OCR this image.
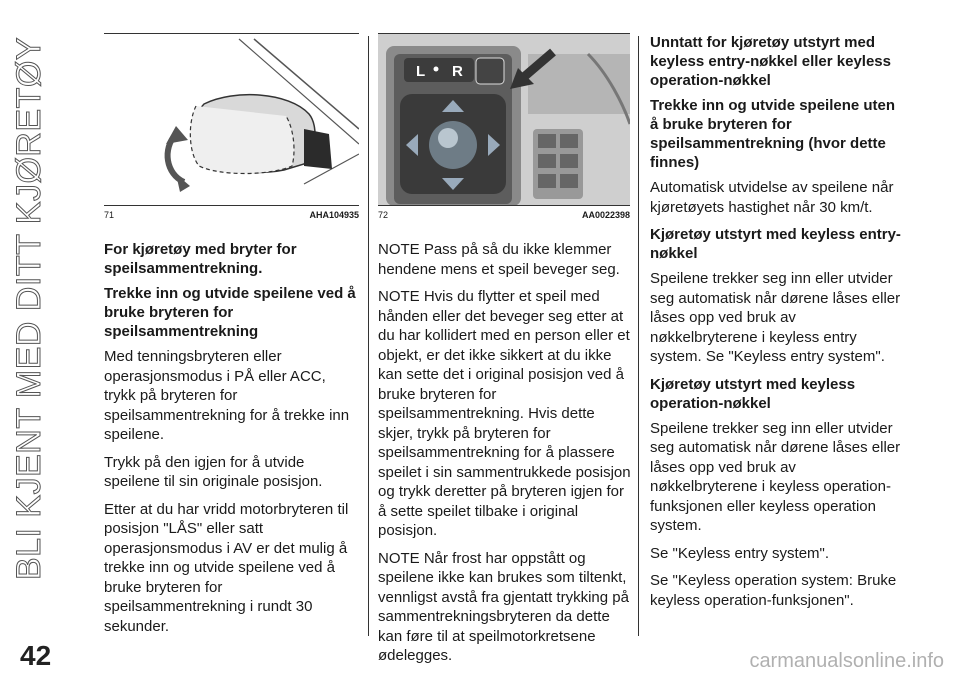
BLI KJENT MED DITT KJØRETØY	71	AHA104935
L R
72	AA0022398
For kjøretøy med bryter for speilsammentrekning.
Trekke inn og utvide speilene ved å bruke bryteren for speilsammentrekning

Med tenningsbryteren eller operasjonsmodus i PÅ eller ACC, trykk på bryteren for speilsammentrekning for å trekke inn speilene.

Trykk på den igjen for å utvide speilene til sin originale posisjon.

Etter at du har vridd motorbryteren til posisjon "LÅS" eller satt operasjonsmodus i AV er det mulig å trekke inn og utvide speilene ved å bruke bryteren for speilsammentrekning i rundt 30 sekunder.

NOTE Pass på så du ikke klemmer hendene mens et speil beveger seg.

NOTE Hvis du flytter et speil med hånden eller det beveger seg etter at du har kollidert med en person eller et objekt, er det ikke sikkert at du ikke kan sette det i original posisjon ved å bruke bryteren for speilsammentrekning. Hvis dette skjer, trykk på bryteren for speilsammentrekning for å plassere speilet i sin sammentrukkede posisjon og trykk deretter på bryteren igjen for å sette speilet tilbake i original posisjon.

NOTE Når frost har oppstått og speilene ikke kan brukes som tiltenkt, vennligst avstå fra gjentatt trykking på sammentrekningsbryteren da dette kan føre til at speilmotorkretsene ødelegges.

Unntatt for kjøretøy utstyrt med keyless entry-nøkkel eller keyless operation-nøkkel
Trekke inn og utvide speilene uten å bruke bryteren for speilsammentrekning (hvor dette finnes)

Automatisk utvidelse av speilene når kjøretøyets hastighet når 30 km/t.

Kjøretøy utstyrt med keyless entry-nøkkel

Speilene trekker seg inn eller utvider seg automatisk når dørene låses eller låses opp ved bruk av nøkkelbryterene i keyless entry system. Se "Keyless entry system".

Kjøretøy utstyrt med keyless operation-nøkkel

Speilene trekker seg inn eller utvider seg automatisk når dørene låses eller låses opp ved bruk av nøkkelbryterene i keyless operation-funksjonen eller keyless operation system.

Se "Keyless entry system".

Se "Keyless operation system: Bruke keyless operation-funksjonen".

42	carmanualsonline.info
